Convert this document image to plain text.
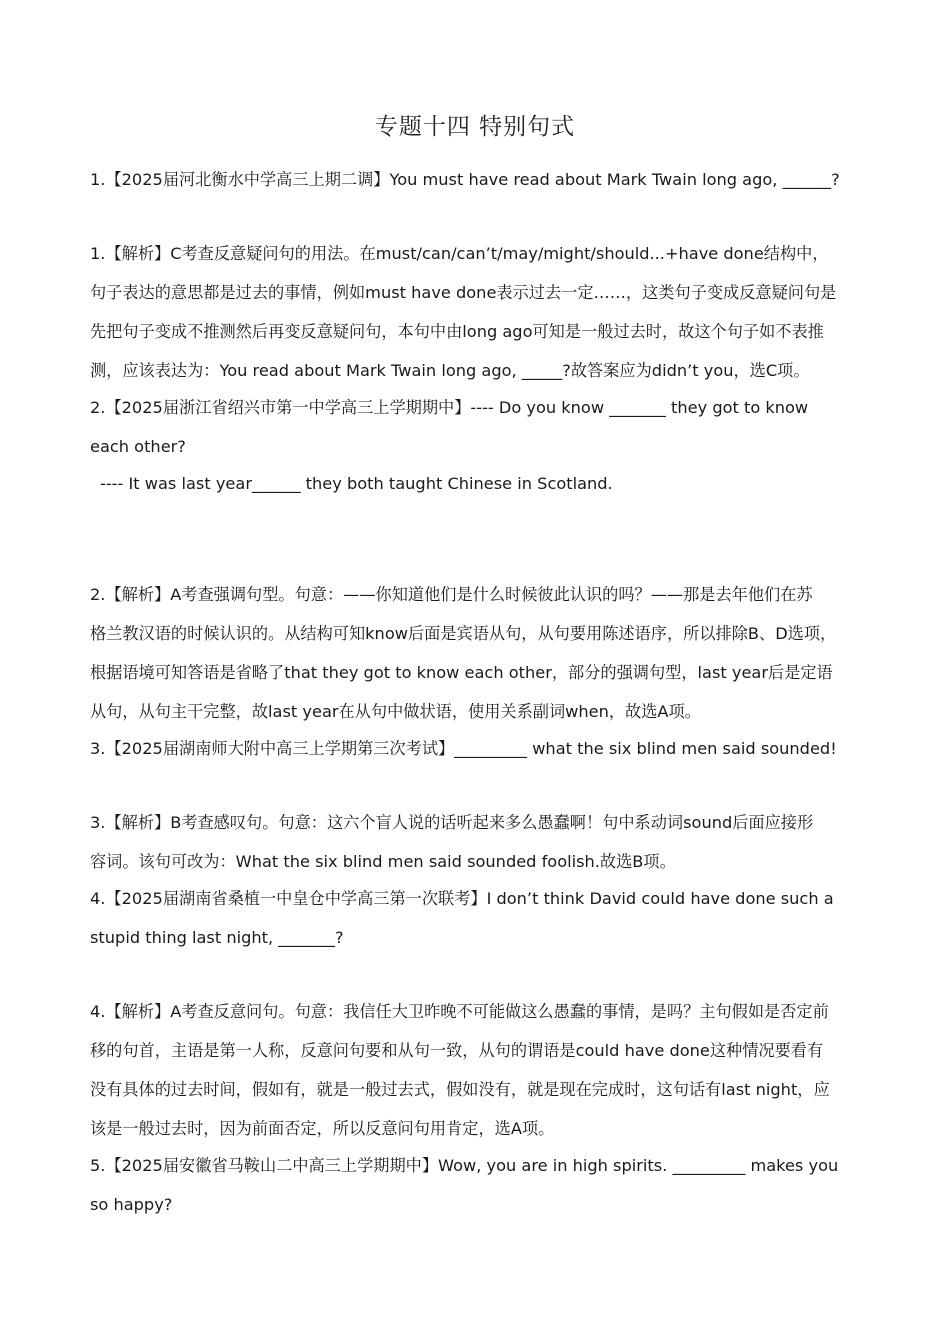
专题十四 特别句式
1.【2025届河北衡水中学高三上期二调】You must have read about Mark Twain long ago, ______?
1.【解析】C考查反意疑问句的用法。在must/can/can’t/may/might/should...+have done结构中，
句子表达的意思都是过去的事情，例如must have done表示过去一定……，这类句子变成反意疑问句是
先把句子变成不推测然后再变反意疑问句，本句中由long ago可知是一般过去时，故这个句子如不表推
测，应该表达为：You read about Mark Twain long ago, _____?故答案应为didn’t you，选C项。
2.【2025届浙江省绍兴市第一中学高三上学期期中】---- Do you know _______ they got to know
each other?
---- It was last year______ they both taught Chinese in Scotland.
2.【解析】A考查强调句型。句意：——你知道他们是什么时候彼此认识的吗？——那是去年他们在苏
格兰教汉语的时候认识的。从结构可知know后面是宾语从句，从句要用陈述语序，所以排除B、D选项，
根据语境可知答语是省略了that they got to know each other，部分的强调句型，last year后是定语
从句，从句主干完整，故last year在从句中做状语，使用关系副词when，故选A项。
3.【2025届湖南师大附中高三上学期第三次考试】_________ what the six blind men said sounded!
3.【解析】B考查感叹句。句意：这六个盲人说的话听起来多么愚蠢啊！句中系动词sound后面应接形
容词。该句可改为：What the six blind men said sounded foolish.故选B项。
4.【2025届湖南省桑植一中皇仓中学高三第一次联考】I don’t think David could have done such a
stupid thing last night, _______?
4.【解析】A考查反意问句。句意：我信任大卫昨晚不可能做这么愚蠢的事情，是吗？主句假如是否定前
移的句首，主语是第一人称，反意问句要和从句一致，从句的谓语是could have done这种情况要看有
没有具体的过去时间，假如有，就是一般过去式，假如没有，就是现在完成时，这句话有last night，应
该是一般过去时，因为前面否定，所以反意问句用肯定，选A项。
5.【2025届安徽省马鞍山二中高三上学期期中】Wow, you are in high spirits. _________ makes you
so happy?
